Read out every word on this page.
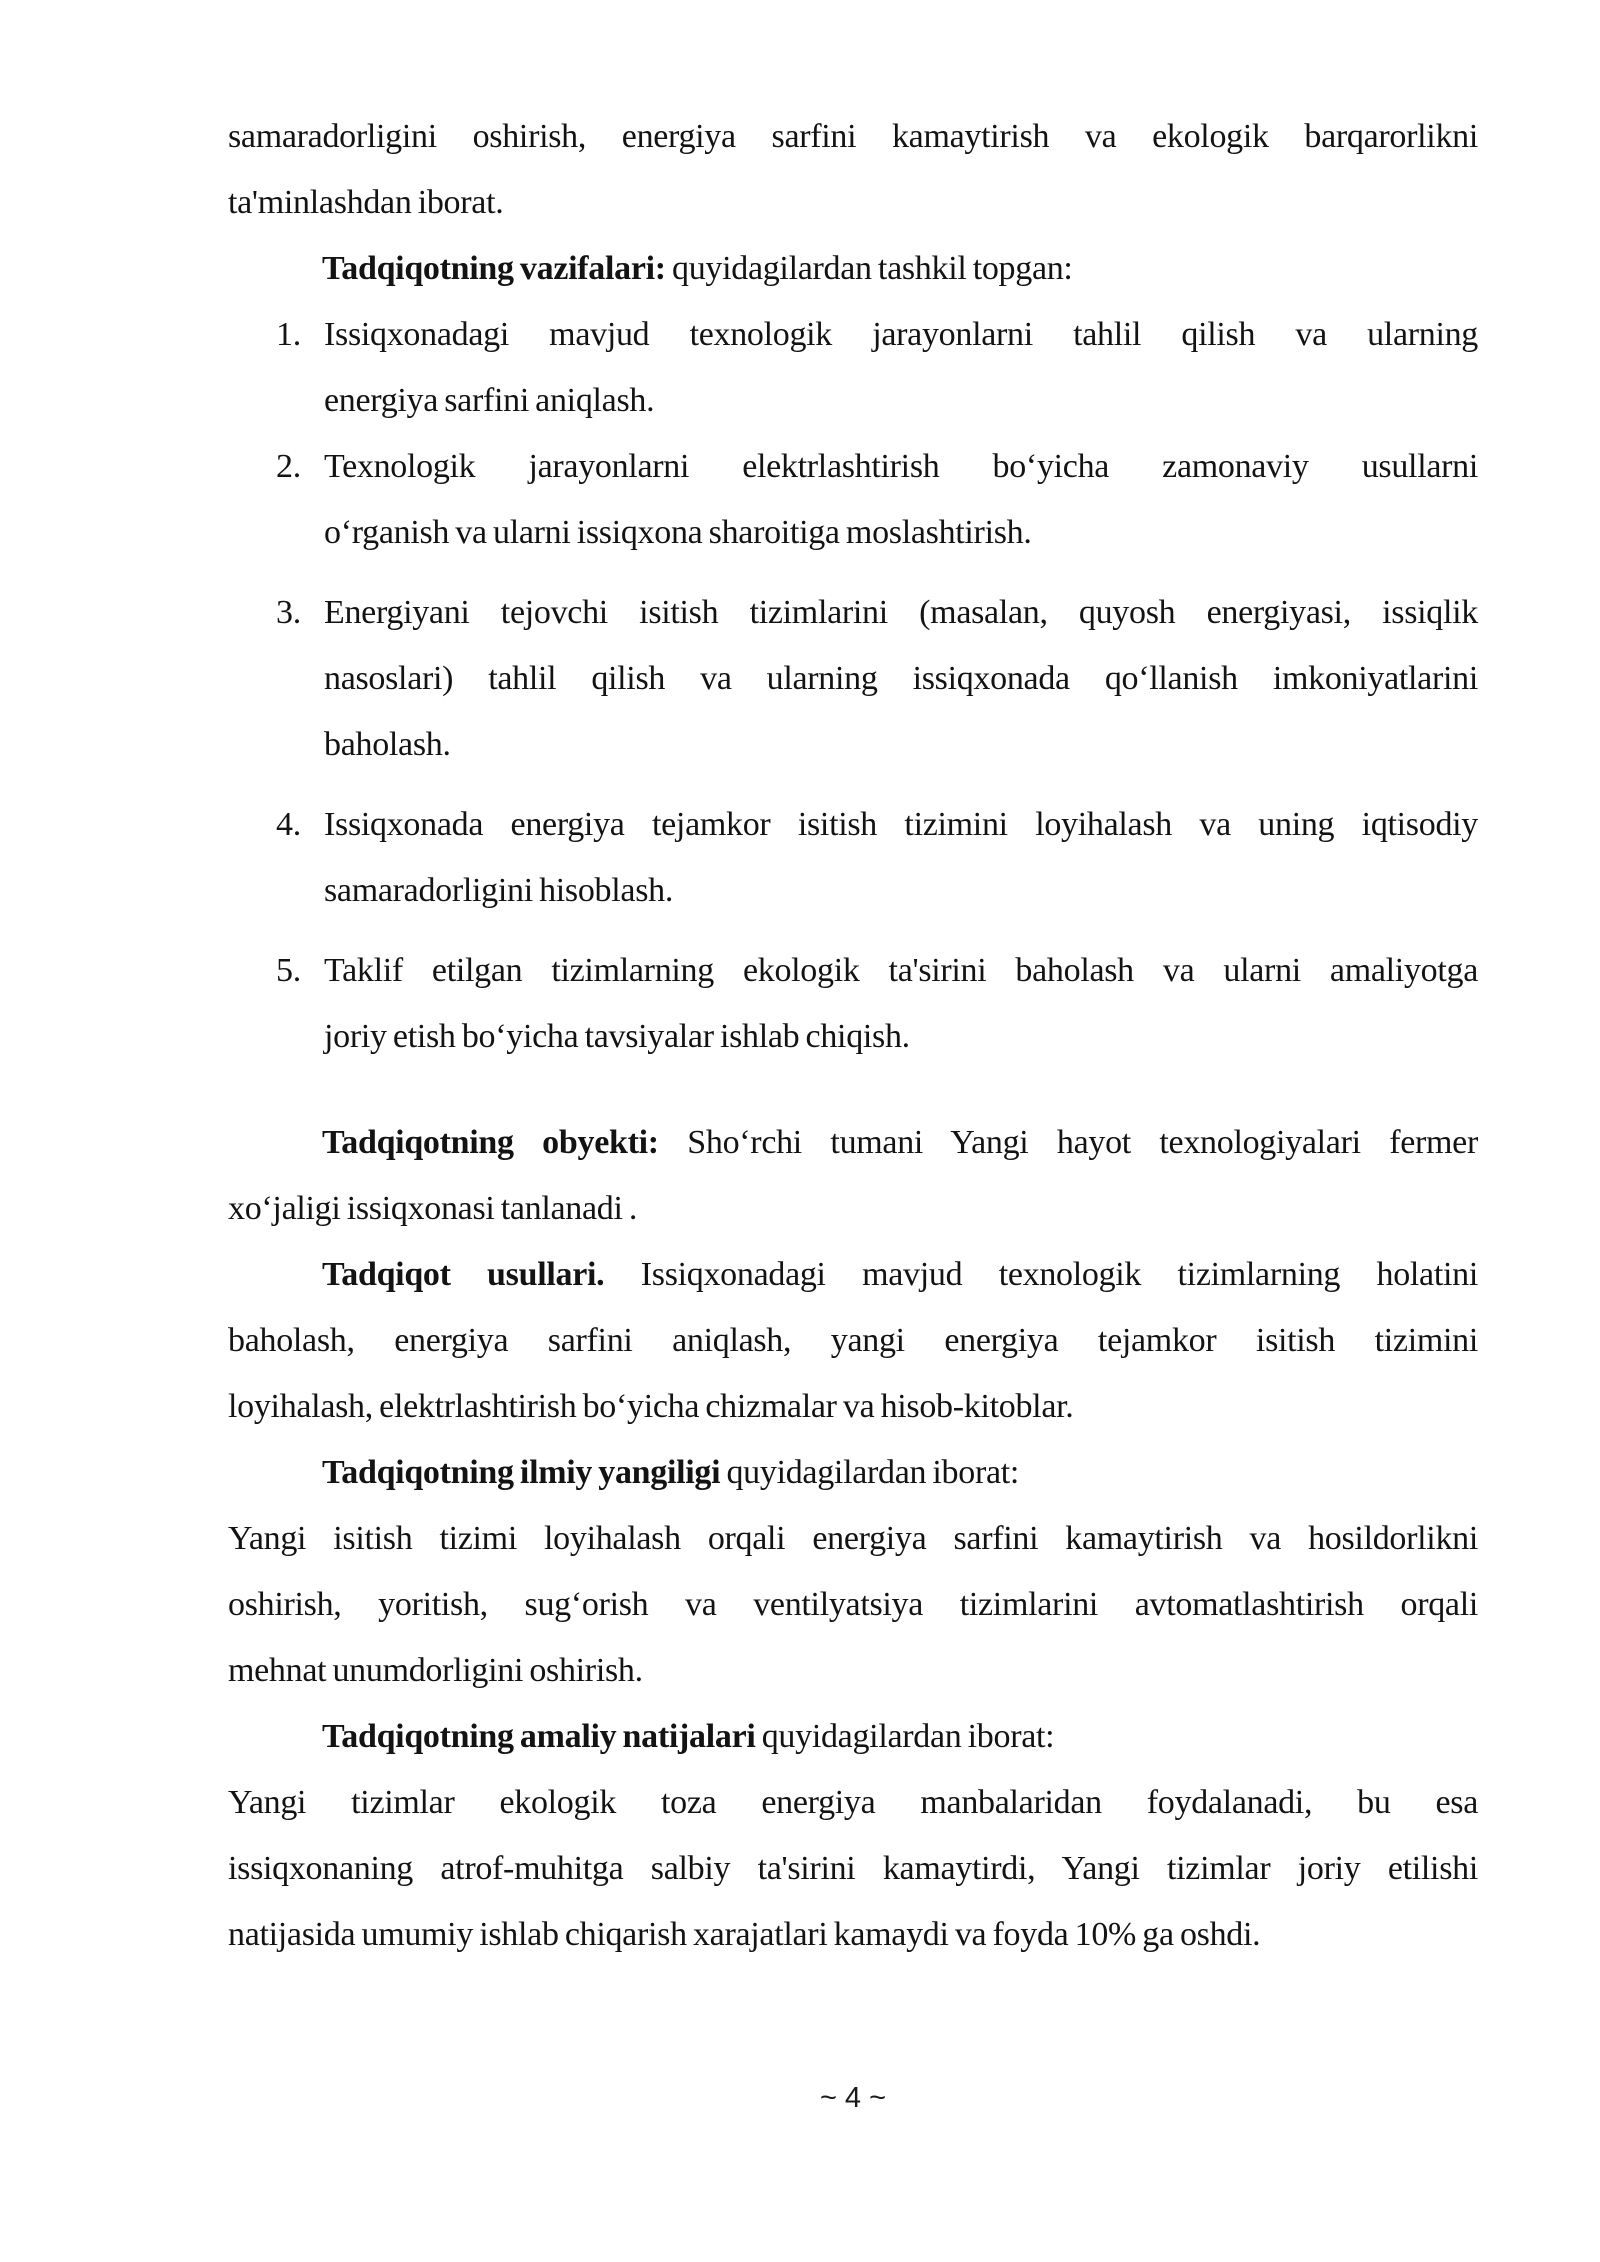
samaradorligini oshirish, energiya sarfini kamaytirish va ekologik barqarorlikni
ta'minlashdan iborat.
Tadqiqotning vazifalari: quyidagilardan tashkil topgan:
1. Issiqxonadagi mavjud texnologik jarayonlarni tahlil qilish va ularning
energiya sarfini aniqlash.
2. Texnologik jarayonlarni elektrlashtirish boʻyicha zamonaviy usullarni
oʻrganish va ularni issiqxona sharoitiga moslashtirish.
3. Energiyani tejovchi isitish tizimlarini (masalan, quyosh energiyasi, issiqlik
nasoslari) tahlil qilish va ularning issiqxonada qoʻllanish imkoniyatlarini
baholash.
4. Issiqxonada energiya tejamkor isitish tizimini loyihalash va uning iqtisodiy
samaradorligini hisoblash.
5. Taklif etilgan tizimlarning ekologik ta'sirini baholash va ularni amaliyotga
joriy etish boʻyicha tavsiyalar ishlab chiqish.
Tadqiqotning obyekti: Shoʻrchi tumani Yangi hayot texnologiyalari fermer
xoʻjaligi issiqxonasi tanlanadi .
Tadqiqot usullari. Issiqxonadagi mavjud texnologik tizimlarning holatini
baholash, energiya sarfini aniqlash, yangi energiya tejamkor isitish tizimini
loyihalash, elektrlashtirish boʻyicha chizmalar va hisob-kitoblar.
Tadqiqotning ilmiy yangiligi quyidagilardan iborat:
Yangi isitish tizimi loyihalash orqali energiya sarfini kamaytirish va hosildorlikni
oshirish, yoritish, sugʻorish va ventilyatsiya tizimlarini avtomatlashtirish orqali
mehnat unumdorligini oshirish.
Tadqiqotning amaliy natijalari quyidagilardan iborat:
Yangi tizimlar ekologik toza energiya manbalaridan foydalanadi, bu esa
issiqxonaning atrof-muhitga salbiy ta'sirini kamaytirdi, Yangi tizimlar joriy etilishi
natijasida umumiy ishlab chiqarish xarajatlari kamaydi va foyda 10% ga oshdi.
~ 4 ~
